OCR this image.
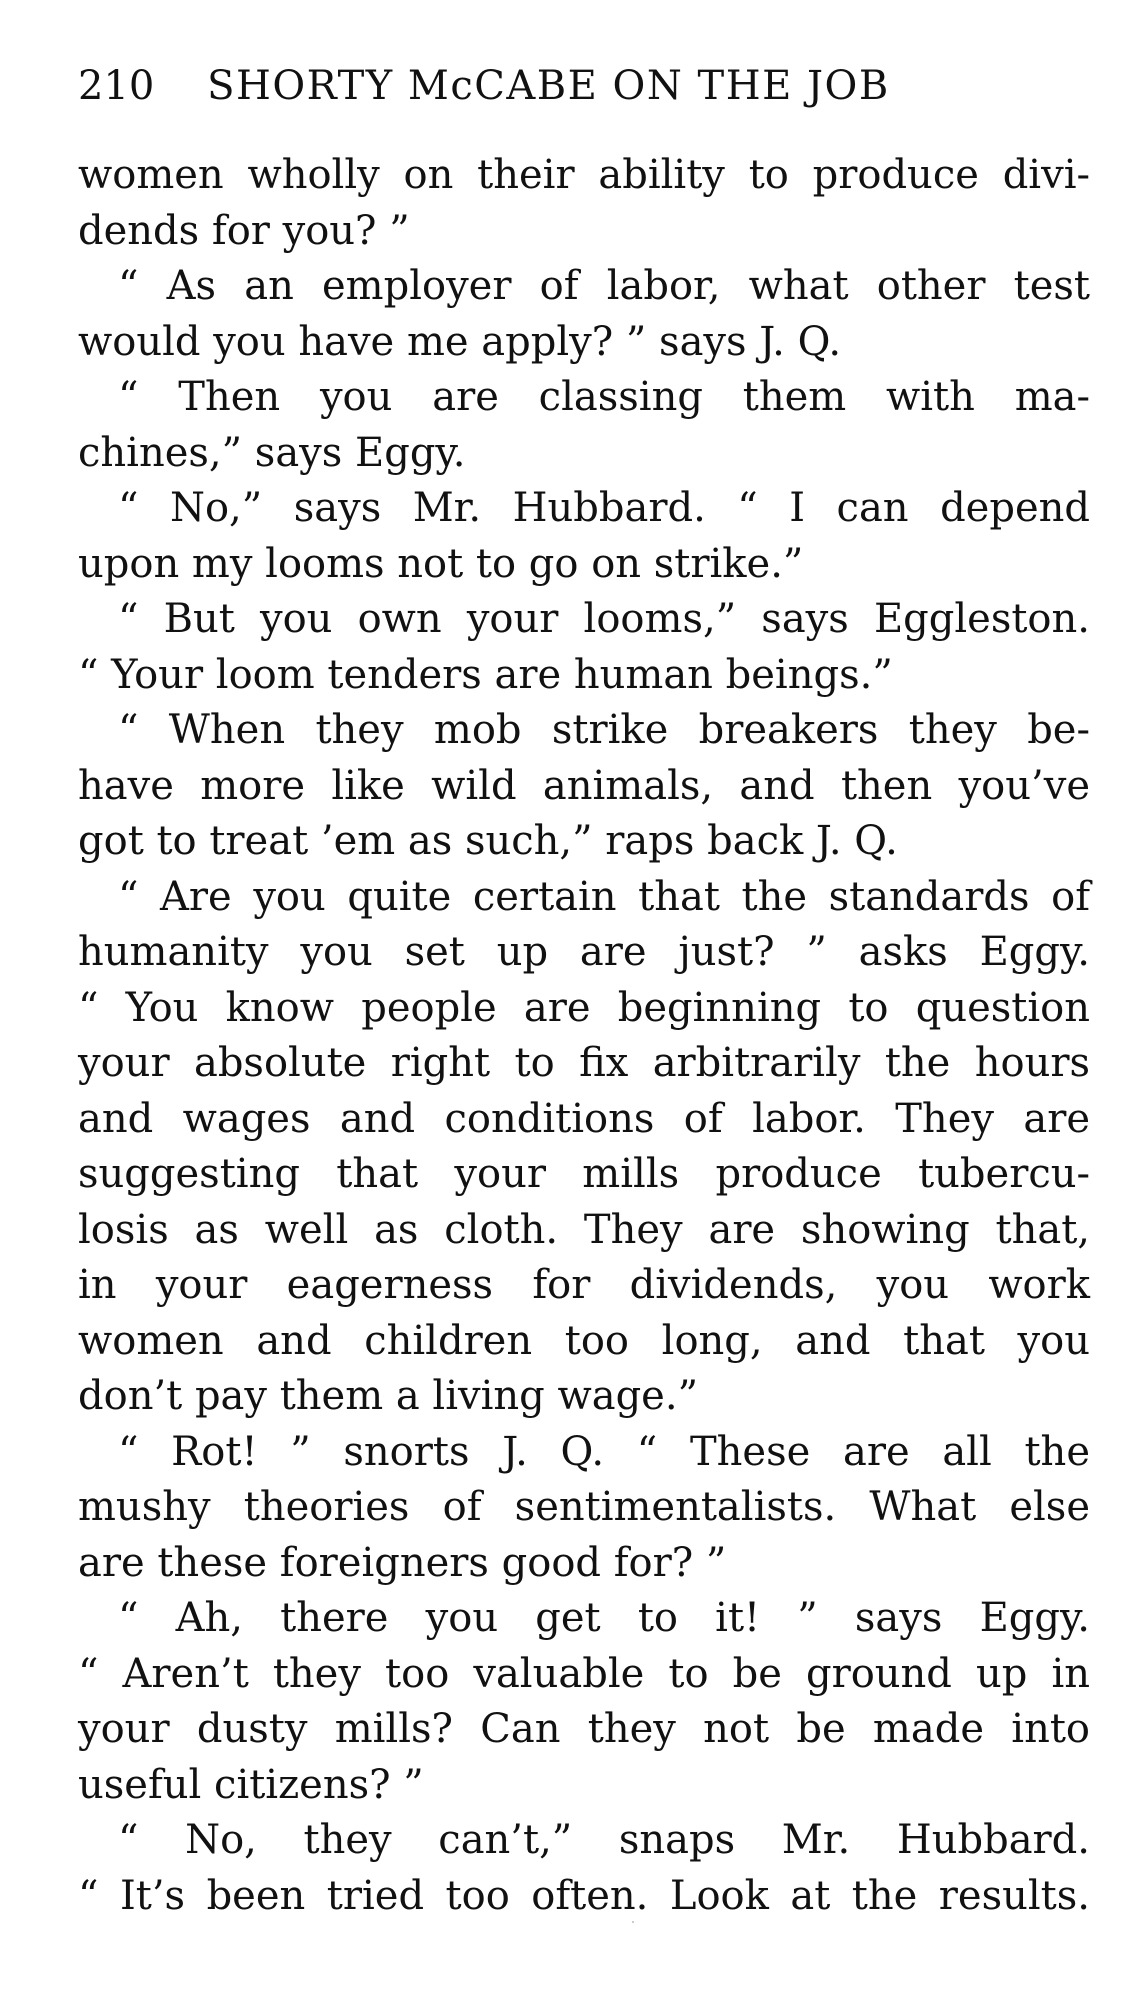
210 SHORTY McCABE ON THE JOB
women wholly on their ability to produce divi-
dends for you? ”
“ As an employer of labor, what other test
would you have me apply? ” says J. Q.
“ Then you are classing them with ma-
chines,” says Eggy.
“ No,” says Mr. Hubbard. “ I can depend
upon my looms not to go on strike.”
“ But you own your looms,” says Eggleston.
“ Your loom tenders are human beings.”
“ When they mob strike breakers they be-
have more like wild animals, and then you’ve
got to treat ’em as such,” raps back J. Q.
“ Are you quite certain that the standards of
humanity you set up are just? ” asks Eggy.
“ You know people are beginning to question
your absolute right to fix arbitrarily the hours
and wages and conditions of labor. They are
suggesting that your mills produce tubercu-
losis as well as cloth. They are showing that,
in your eagerness for dividends, you work
women and children too long, and that you
don’t pay them a living wage.”
“ Rot! ” snorts J. Q. “ These are all the
mushy theories of sentimentalists. What else
are these foreigners good for? ”
“ Ah, there you get to it! ” says Eggy.
“ Aren’t they too valuable to be ground up in
your dusty mills? Can they not be made into
useful citizens? ”
“ No, they can’t,” snaps Mr. Hubbard.
“ It’s been tried too often. Look at the results.
